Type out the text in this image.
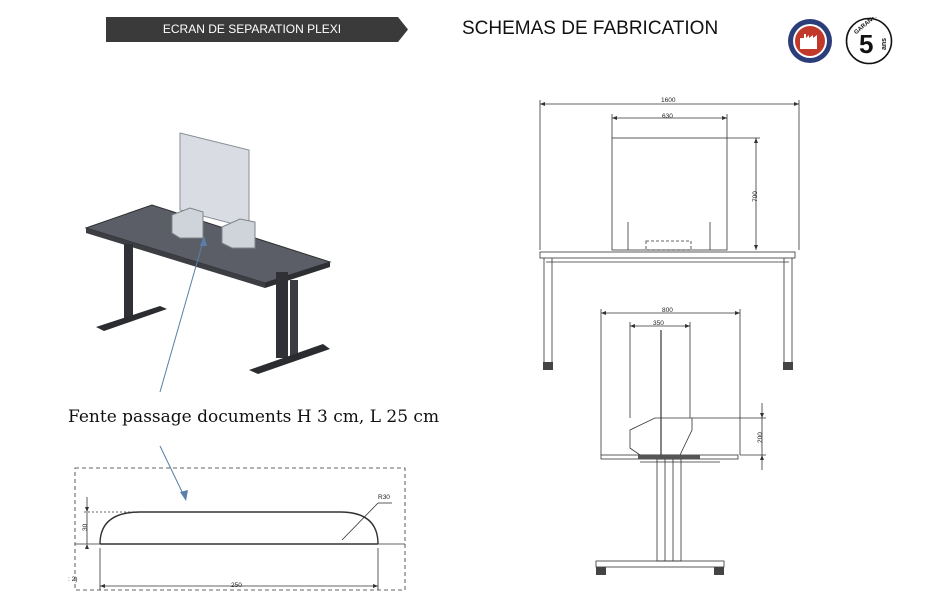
ECRAN DE SEPARATION PLEXI	SCHEMAS DE FABRICATION	GARANTIE
5 ans
1600
630
700
800
350
200
Fente passage documents H 3 cm, L 25 cm
30
R30
250
: 2)
